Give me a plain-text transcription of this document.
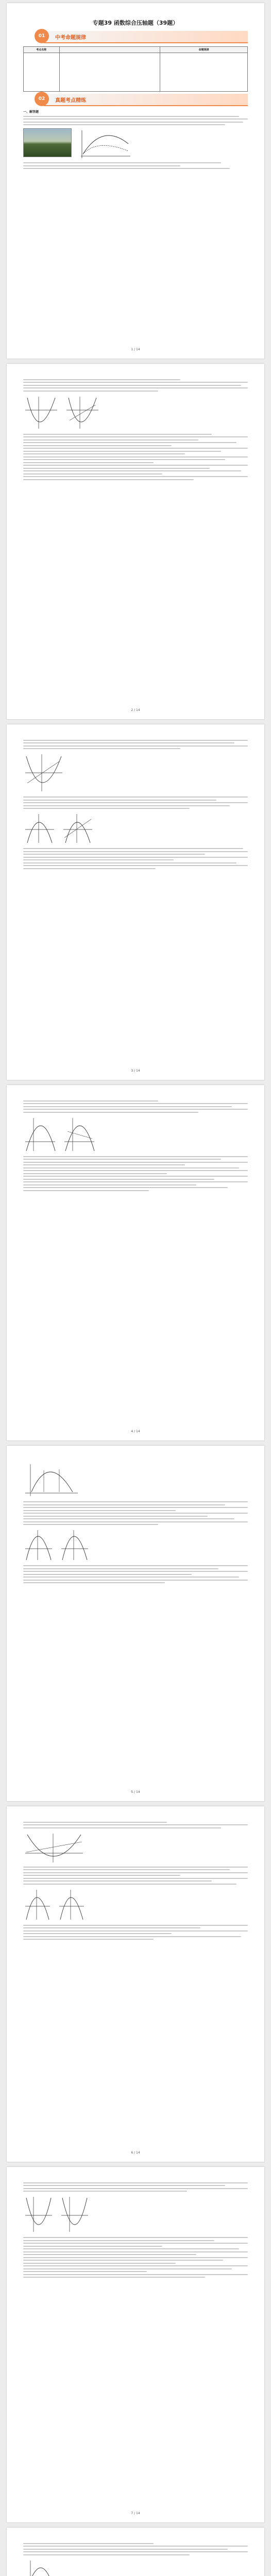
专题39 函数综合压轴题（39题）
01	中考命题规律
考点名称		命题规律

02	真题考点精练
一、解答题
1 / 14
2 / 14
3 / 14
4 / 14
5 / 14
6 / 14
7 / 14
